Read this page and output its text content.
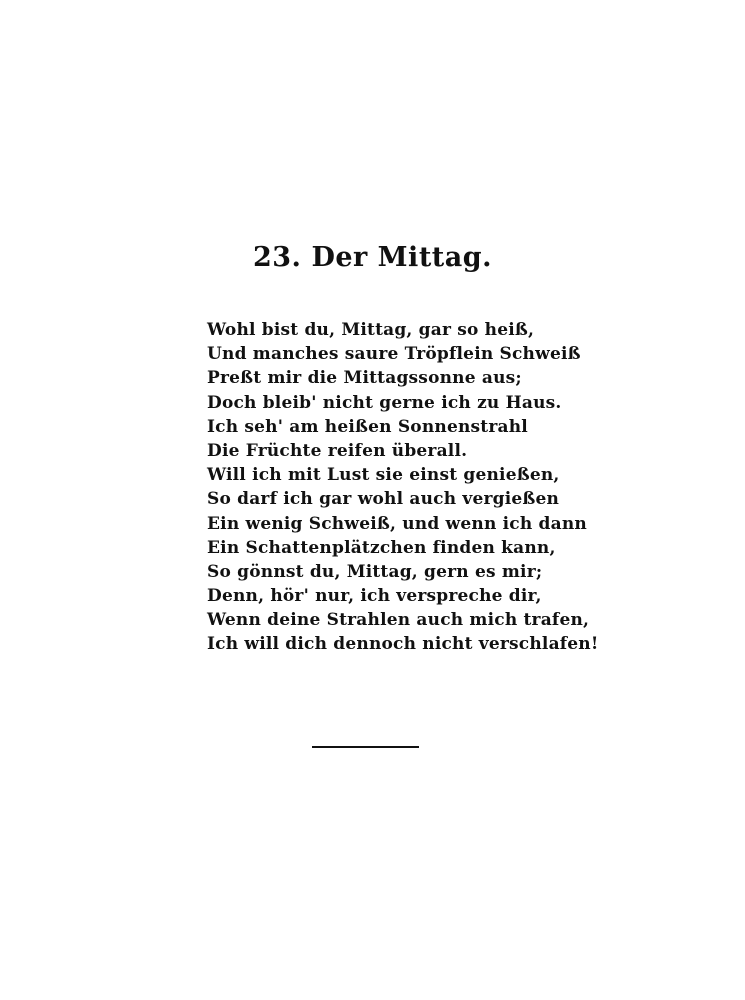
23. Der Mittag.
Wohl bist du, Mittag, gar so heiß,
Und manches saure Tröpflein Schweiß
Preßt mir die Mittagssonne aus;
Doch bleib' nicht gerne ich zu Haus.
Ich seh' am heißen Sonnenstrahl
Die Früchte reifen überall.
Will ich mit Lust sie einst genießen,
So darf ich gar wohl auch vergießen
Ein wenig Schweiß, und wenn ich dann
Ein Schattenplätzchen finden kann,
So gönnst du, Mittag, gern es mir;
Denn, hör' nur, ich verspreche dir,
Wenn deine Strahlen auch mich trafen,
Ich will dich dennoch nicht verschlafen!
